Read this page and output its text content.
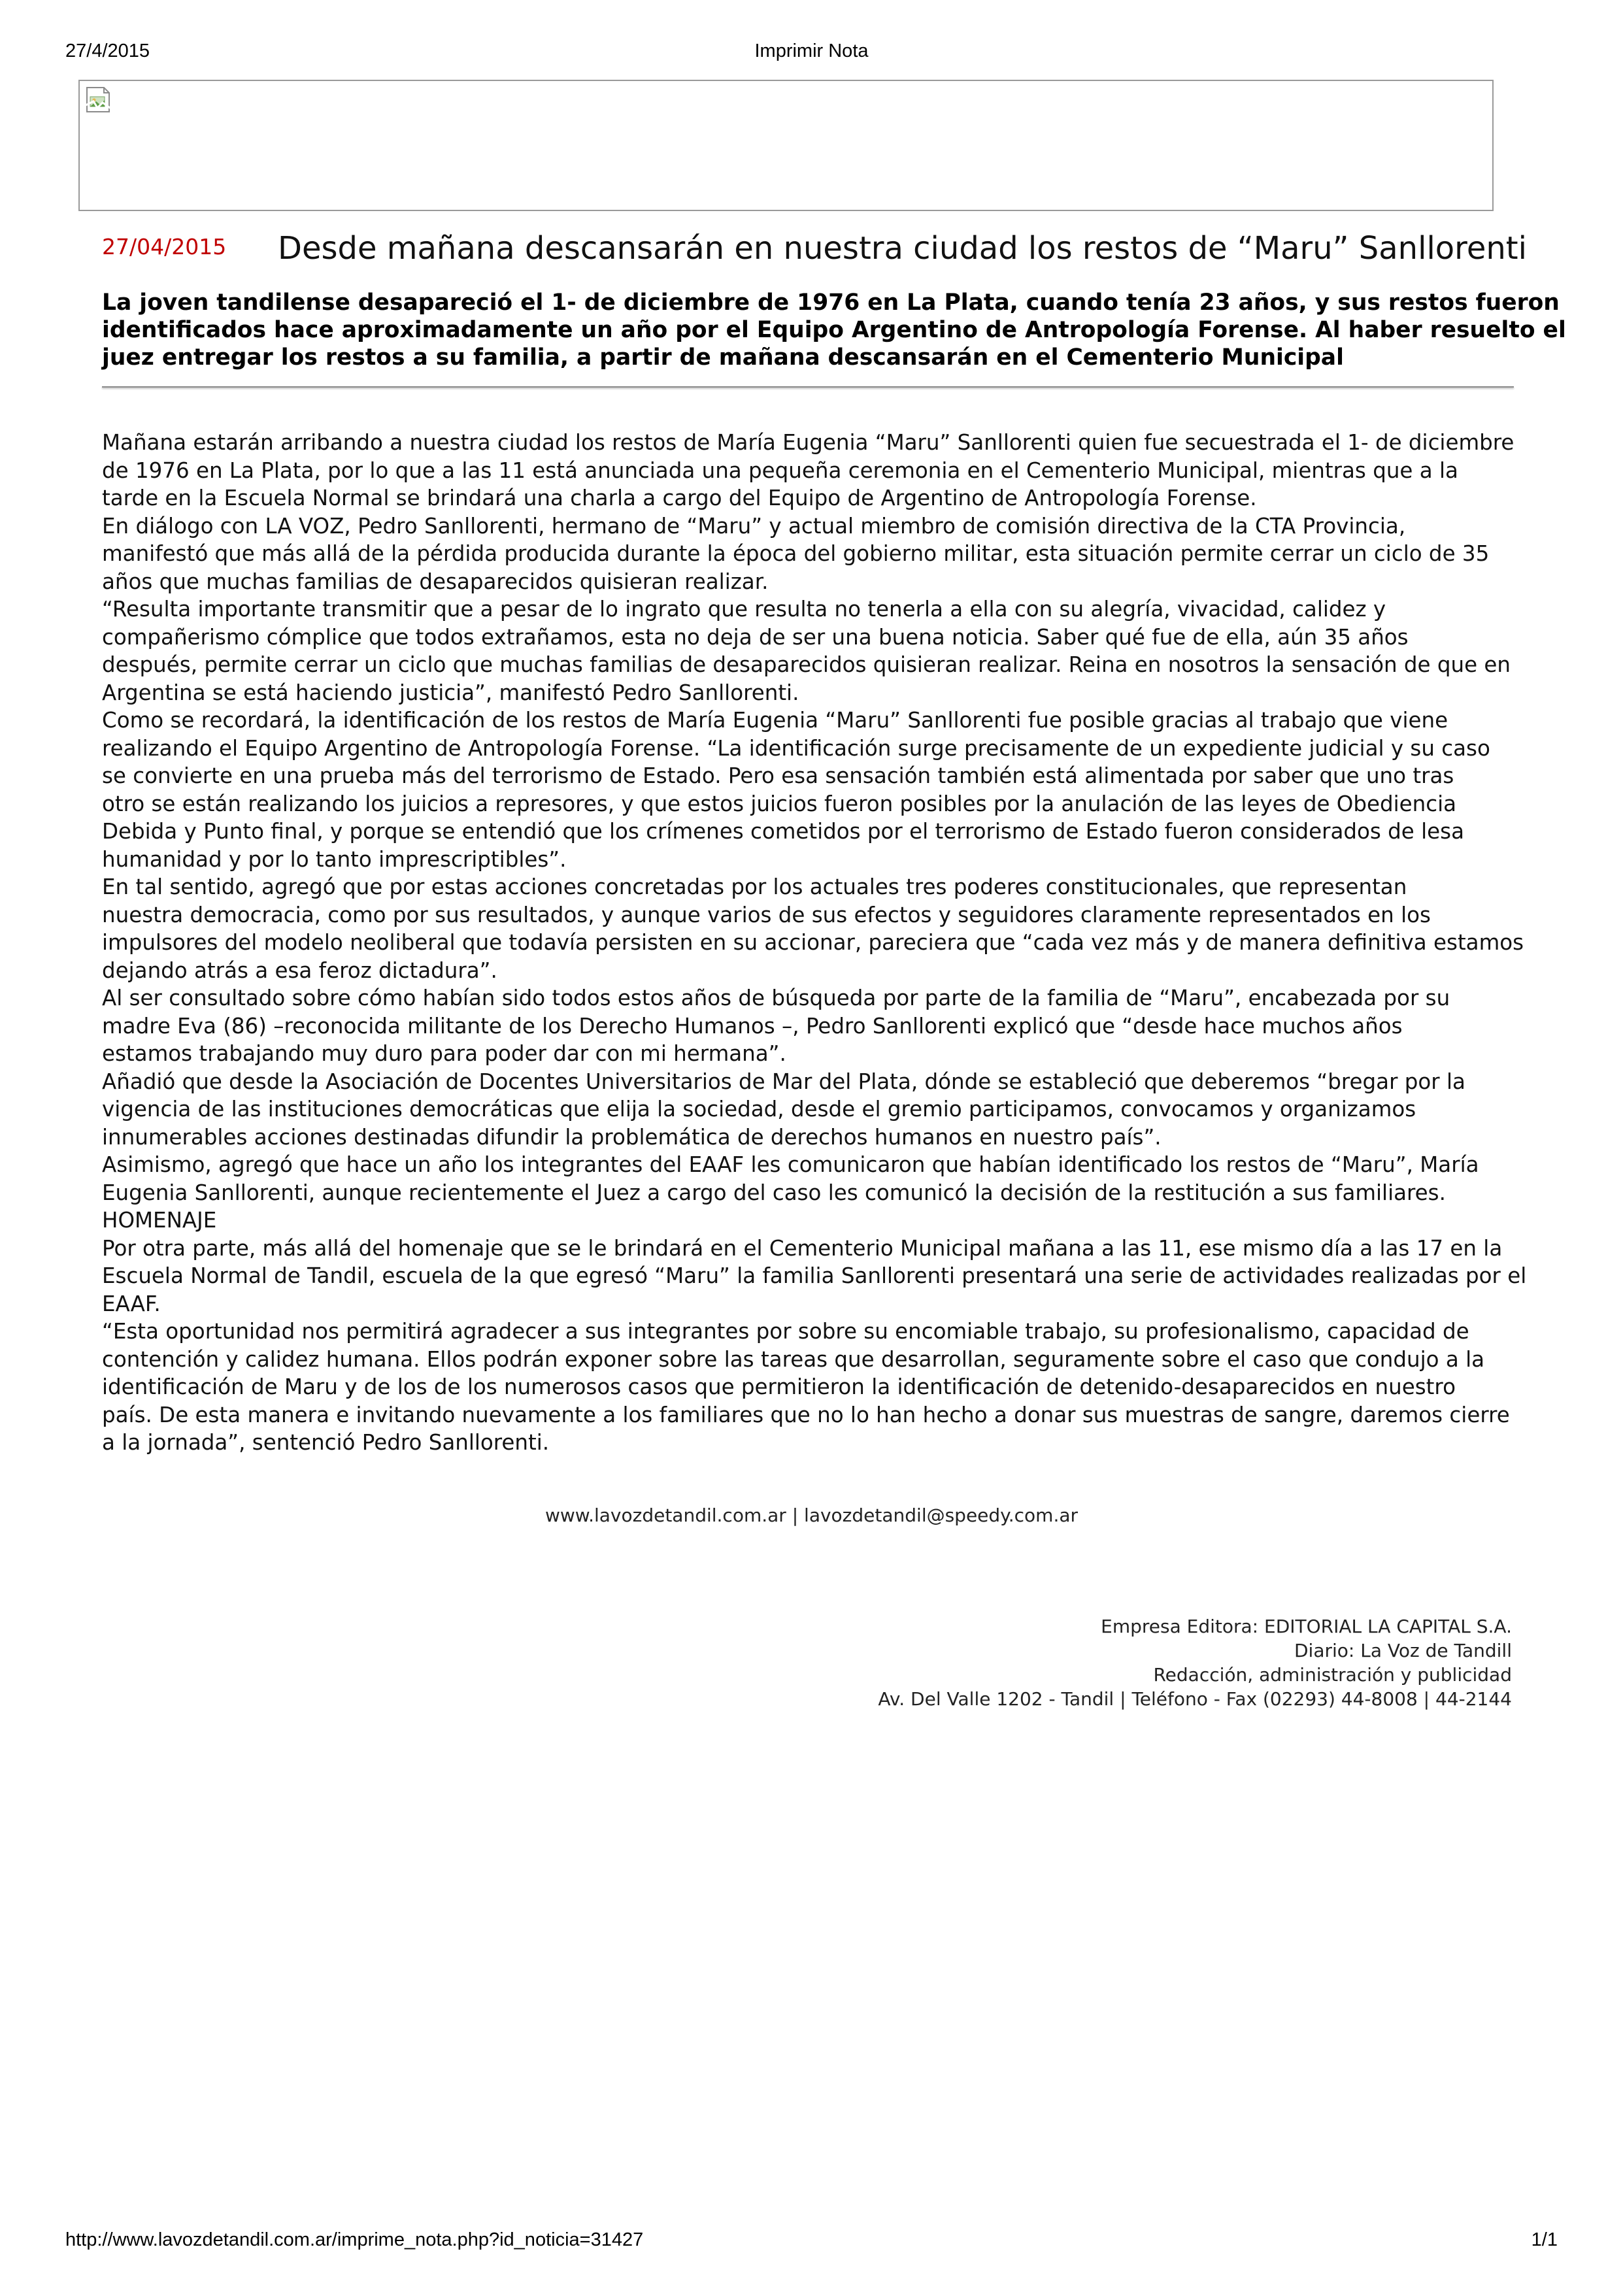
27/4/2015	Imprimir Nota
27/04/2015 Desde mañana descansarán en nuestra ciudad los restos de “Maru” Sanllorenti
La joven tandilense desapareció el 1- de diciembre de 1976 en La Plata, cuando tenía 23 años, y sus restos fueron
identificados hace aproximadamente un año por el Equipo Argentino de Antropología Forense. Al haber resuelto el
juez entregar los restos a su familia, a partir de mañana descansarán en el Cementerio Municipal
Mañana estarán arribando a nuestra ciudad los restos de María Eugenia “Maru” Sanllorenti quien fue secuestrada el 1- de diciembre
de 1976 en La Plata, por lo que a las 11 está anunciada una pequeña ceremonia en el Cementerio Municipal, mientras que a la
tarde en la Escuela Normal se brindará una charla a cargo del Equipo de Argentino de Antropología Forense.
En diálogo con LA VOZ, Pedro Sanllorenti, hermano de “Maru” y actual miembro de comisión directiva de la CTA Provincia,
manifestó que más allá de la pérdida producida durante la época del gobierno militar, esta situación permite cerrar un ciclo de 35
años que muchas familias de desaparecidos quisieran realizar.
“Resulta importante transmitir que a pesar de lo ingrato que resulta no tenerla a ella con su alegría, vivacidad, calidez y
compañerismo cómplice que todos extrañamos, esta no deja de ser una buena noticia. Saber qué fue de ella, aún 35 años
después, permite cerrar un ciclo que muchas familias de desaparecidos quisieran realizar. Reina en nosotros la sensación de que en
Argentina se está haciendo justicia”, manifestó Pedro Sanllorenti.
Como se recordará, la identificación de los restos de María Eugenia “Maru” Sanllorenti fue posible gracias al trabajo que viene
realizando el Equipo Argentino de Antropología Forense. “La identificación surge precisamente de un expediente judicial y su caso
se convierte en una prueba más del terrorismo de Estado. Pero esa sensación también está alimentada por saber que uno tras
otro se están realizando los juicios a represores, y que estos juicios fueron posibles por la anulación de las leyes de Obediencia
Debida y Punto final, y porque se entendió que los crímenes cometidos por el terrorismo de Estado fueron considerados de lesa
humanidad y por lo tanto imprescriptibles”.
En tal sentido, agregó que por estas acciones concretadas por los actuales tres poderes constitucionales, que representan
nuestra democracia, como por sus resultados, y aunque varios de sus efectos y seguidores claramente representados en los
impulsores del modelo neoliberal que todavía persisten en su accionar, pareciera que “cada vez más y de manera definitiva estamos
dejando atrás a esa feroz dictadura”.
Al ser consultado sobre cómo habían sido todos estos años de búsqueda por parte de la familia de “Maru”, encabezada por su
madre Eva (86) –reconocida militante de los Derecho Humanos –, Pedro Sanllorenti explicó que “desde hace muchos años
estamos trabajando muy duro para poder dar con mi hermana”.
Añadió que desde la Asociación de Docentes Universitarios de Mar del Plata, dónde se estableció que deberemos “bregar por la
vigencia de las instituciones democráticas que elija la sociedad, desde el gremio participamos, convocamos y organizamos
innumerables acciones destinadas difundir la problemática de derechos humanos en nuestro país”.
Asimismo, agregó que hace un año los integrantes del EAAF les comunicaron que habían identificado los restos de “Maru”, María
Eugenia Sanllorenti, aunque recientemente el Juez a cargo del caso les comunicó la decisión de la restitución a sus familiares.
HOMENAJE
Por otra parte, más allá del homenaje que se le brindará en el Cementerio Municipal mañana a las 11, ese mismo día a las 17 en la
Escuela Normal de Tandil, escuela de la que egresó “Maru” la familia Sanllorenti presentará una serie de actividades realizadas por el
EAAF.
“Esta oportunidad nos permitirá agradecer a sus integrantes por sobre su encomiable trabajo, su profesionalismo, capacidad de
contención y calidez humana. Ellos podrán exponer sobre las tareas que desarrollan, seguramente sobre el caso que condujo a la
identificación de Maru y de los de los numerosos casos que permitieron la identificación de detenido-desaparecidos en nuestro
país. De esta manera e invitando nuevamente a los familiares que no lo han hecho a donar sus muestras de sangre, daremos cierre
a la jornada”, sentenció Pedro Sanllorenti.
www.lavozdetandil.com.ar | lavozdetandil@speedy.com.ar
Empresa Editora: EDITORIAL LA CAPITAL S.A.
Diario: La Voz de Tandill
Redacción, administración y publicidad
Av. Del Valle 1202 - Tandil | Teléfono - Fax (02293) 44-8008 | 44-2144
http://www.lavozdetandil.com.ar/imprime_nota.php?id_noticia=31427	1/1
